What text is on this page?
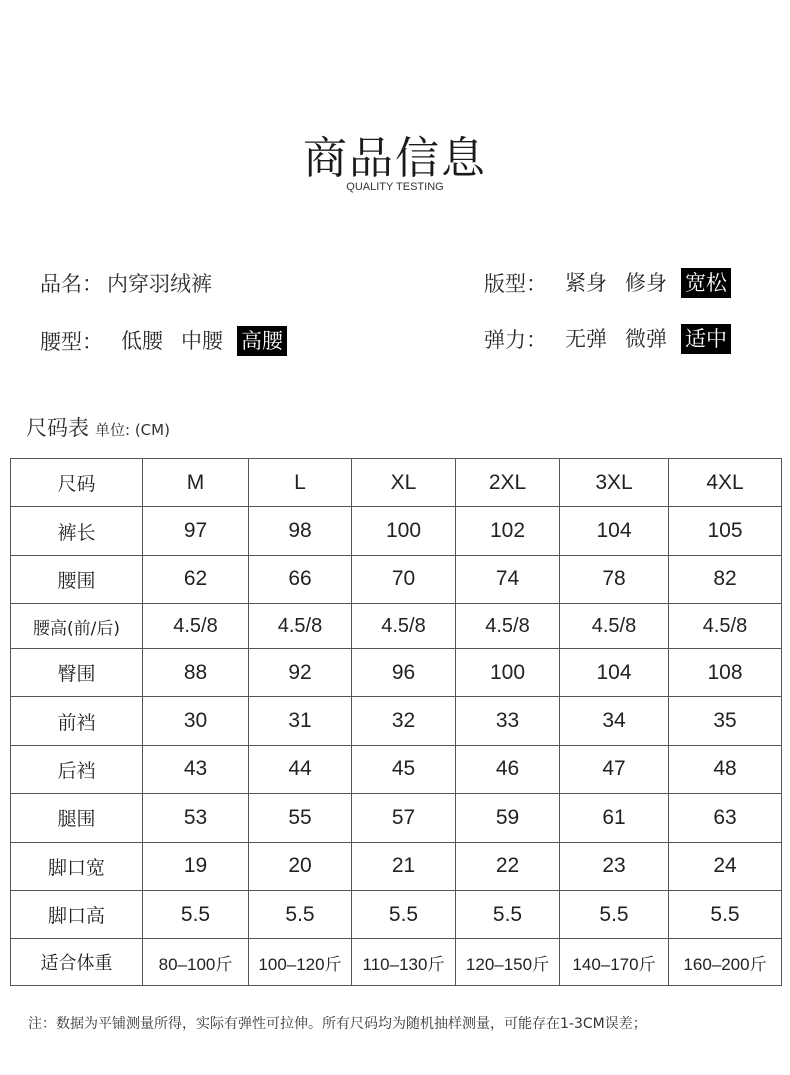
商品信息
QUALITY TESTING
品名： 内穿羽绒裤	版型： 紧身 修身 宽松
腰型： 低腰 中腰 高腰	弹力： 无弹 微弹 适中
尺码表 单位: (CM)
尺码	M	L	XL	2XL	3XL	4XL
裤长	97	98	100	102	104	105
腰围	62	66	70	74	78	82
腰高(前/后)	4.5/8	4.5/8	4.5/8	4.5/8	4.5/8	4.5/8
臀围	88	92	96	100	104	108
前裆	30	31	32	33	34	35
后裆	43	44	45	46	47	48
腿围	53	55	57	59	61	63
脚口宽	19	20	21	22	23	24
脚口高	5.5	5.5	5.5	5.5	5.5	5.5
适合体重	80–100斤	100–120斤	110–130斤	120–150斤	140–170斤	160–200斤
注：数据为平铺测量所得，实际有弹性可拉伸。所有尺码均为随机抽样测量，可能存在1-3CM误差；
